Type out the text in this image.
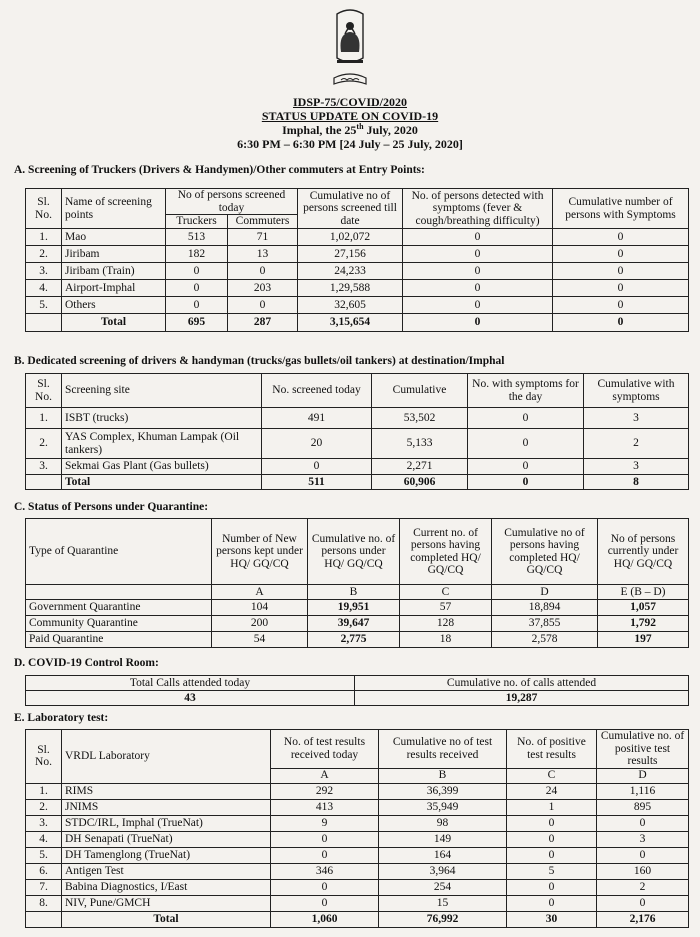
IDSP-75/COVID/2020
STATUS UPDATE ON COVID-19
Imphal, the 25th July, 2020
6:30 PM – 6:30 PM [24 July – 25 July, 2020]
A. Screening of Truckers (Drivers & Handymen)/Other commuters at Entry Points:
Sl. No.	Name of screening points	No of persons screened today		Cumulative no of persons screened till date	No. of persons detected with symptoms (fever & cough/breathing difficulty)	Cumulative number of persons with Symptoms
		Truckers	Commuters			
1.	Mao	513	71	1,02,072	0	0
2.	Jiribam	182	13	27,156	0	0
3.	Jiribam (Train)	0	0	24,233	0	0
4.	Airport-Imphal	0	203	1,29,588	0	0
5.	Others	0	0	32,605	0	0
	Total	695	287	3,15,654	0	0
B. Dedicated screening of drivers & handyman (trucks/gas bullets/oil tankers) at destination/Imphal
Sl. No.	Screening site	No. screened today	Cumulative	No. with symptoms for the day	Cumulative with symptoms
1.	ISBT (trucks)	491	53,502	0	3
2.	YAS Complex, Khuman Lampak (Oil tankers)	20	5,133	0	2
3.	Sekmai Gas Plant (Gas bullets)	0	2,271	0	3
	Total	511	60,906	0	8
C. Status of Persons under Quarantine:
Type of Quarantine	Number of New persons kept under HQ/ GQ/CQ	Cumulative no. of persons under HQ/ GQ/CQ	Current no. of persons having completed HQ/ GQ/CQ	Cumulative no of persons having completed HQ/ GQ/CQ	No of persons currently under HQ/ GQ/CQ
	A	B	C	D	E (B – D)
Government Quarantine	104	19,951	57	18,894	1,057
Community Quarantine	200	39,647	128	37,855	1,792
Paid Quarantine	54	2,775	18	2,578	197
D. COVID-19 Control Room:
Total Calls attended today	Cumulative no. of calls attended
43	19,287
E. Laboratory test:
Sl. No.	VRDL Laboratory	No. of test results received today	Cumulative no of test results received	No. of positive test results	Cumulative no. of positive test results
		A	B	C	D
1.	RIMS	292	36,399	24	1,116
2.	JNIMS	413	35,949	1	895
3.	STDC/IRL, Imphal (TrueNat)	9	98	0	0
4.	DH Senapati (TrueNat)	0	149	0	3
5.	DH Tamenglong (TrueNat)	0	164	0	0
6.	Antigen Test	346	3,964	5	160
7.	Babina Diagnostics, I/East	0	254	0	2
8.	NIV, Pune/GMCH	0	15	0	0
	Total	1,060	76,992	30	2,176
